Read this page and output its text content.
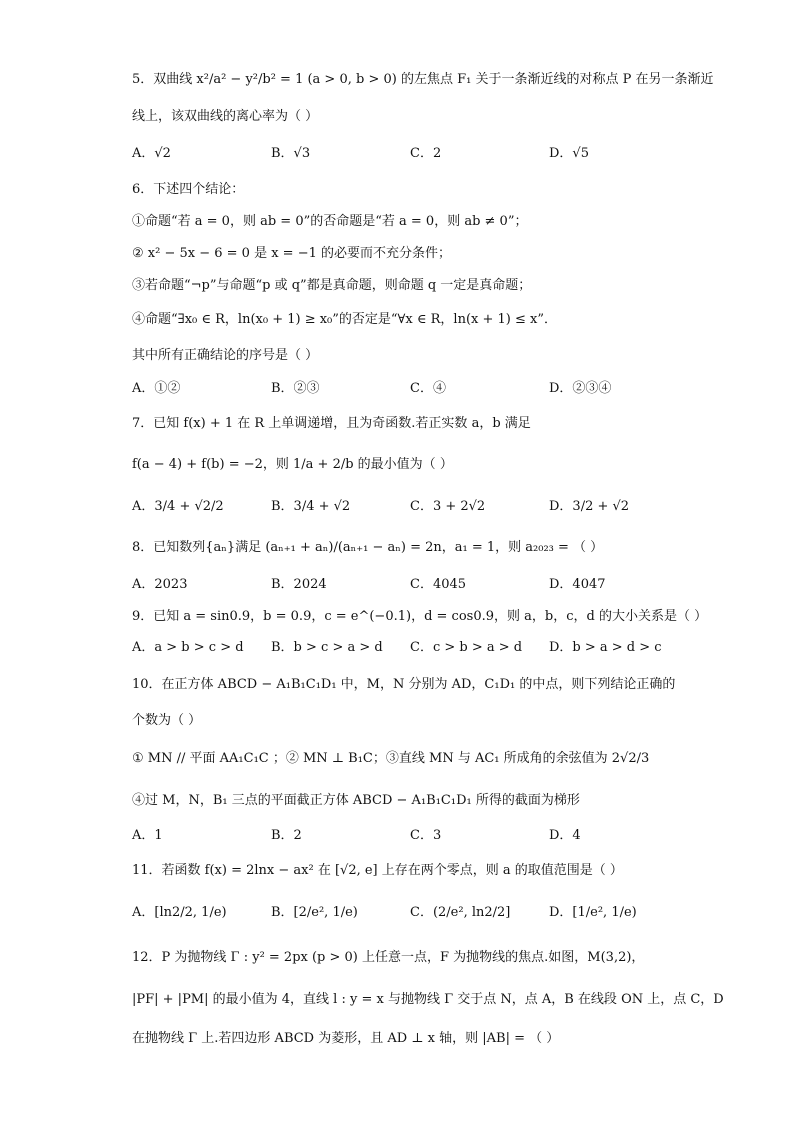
5．双曲线 x²/a² − y²/b² = 1 (a > 0, b > 0) 的左焦点 F₁ 关于一条渐近线的对称点 P 在另一条渐近
线上，该双曲线的离心率为（ ）
A．√2	B．√3	C．2	D．√5
6．下述四个结论：
①命题“若 a = 0，则 ab = 0”的否命题是“若 a = 0，则 ab ≠ 0”；
② x² − 5x − 6 = 0 是 x = −1 的必要而不充分条件；
③若命题“¬p”与命题“p 或 q”都是真命题，则命题 q 一定是真命题；
④命题“∃x₀ ∈ R，ln(x₀ + 1) ≥ x₀”的否定是“∀x ∈ R，ln(x + 1) ≤ x”．
其中所有正确结论的序号是（ ）
A．①②	B．②③	C．④	D．②③④
7．已知 f(x) + 1 在 R 上单调递增，且为奇函数.若正实数 a，b 满足
f(a − 4) + f(b) = −2，则 1/a + 2/b 的最小值为（ ）
A．3/4 + √2/2	B．3/4 + √2	C．3 + 2√2	D．3/2 + √2
8．已知数列{aₙ}满足 (aₙ₊₁ + aₙ)/(aₙ₊₁ − aₙ) = 2n，a₁ = 1，则 a₂₀₂₃ = （ ）
A．2023	B．2024	C．4045	D．4047
9．已知 a = sin0.9，b = 0.9，c = e^(−0.1)，d = cos0.9，则 a，b，c，d 的大小关系是（ ）
A．a > b > c > d B．b > c > a > d C．c > b > a > d D．b > a > d > c
10．在正方体 ABCD − A₁B₁C₁D₁ 中，M，N 分别为 AD，C₁D₁ 的中点，则下列结论正确的
个数为（ ）
① MN // 平面 AA₁C₁C ；② MN ⊥ B₁C；③直线 MN 与 AC₁ 所成角的余弦值为 2√2/3
④过 M，N，B₁ 三点的平面截正方体 ABCD − A₁B₁C₁D₁ 所得的截面为梯形
A．1	B．2	C．3	D．4
11．若函数 f(x) = 2lnx − ax² 在 [√2, e] 上存在两个零点，则 a 的取值范围是（ ）
A．[ln2/2, 1/e)	B．[2/e², 1/e)	C．(2/e², ln2/2]	D．[1/e², 1/e)
12．P 为抛物线 Γ : y² = 2px (p > 0) 上任意一点，F 为抛物线的焦点.如图，M(3,2)，
|PF| + |PM| 的最小值为 4，直线 l : y = x 与抛物线 Γ 交于点 N，点 A，B 在线段 ON 上，点 C，D
在抛物线 Γ 上.若四边形 ABCD 为菱形，且 AD ⊥ x 轴，则 |AB| = （ ）
